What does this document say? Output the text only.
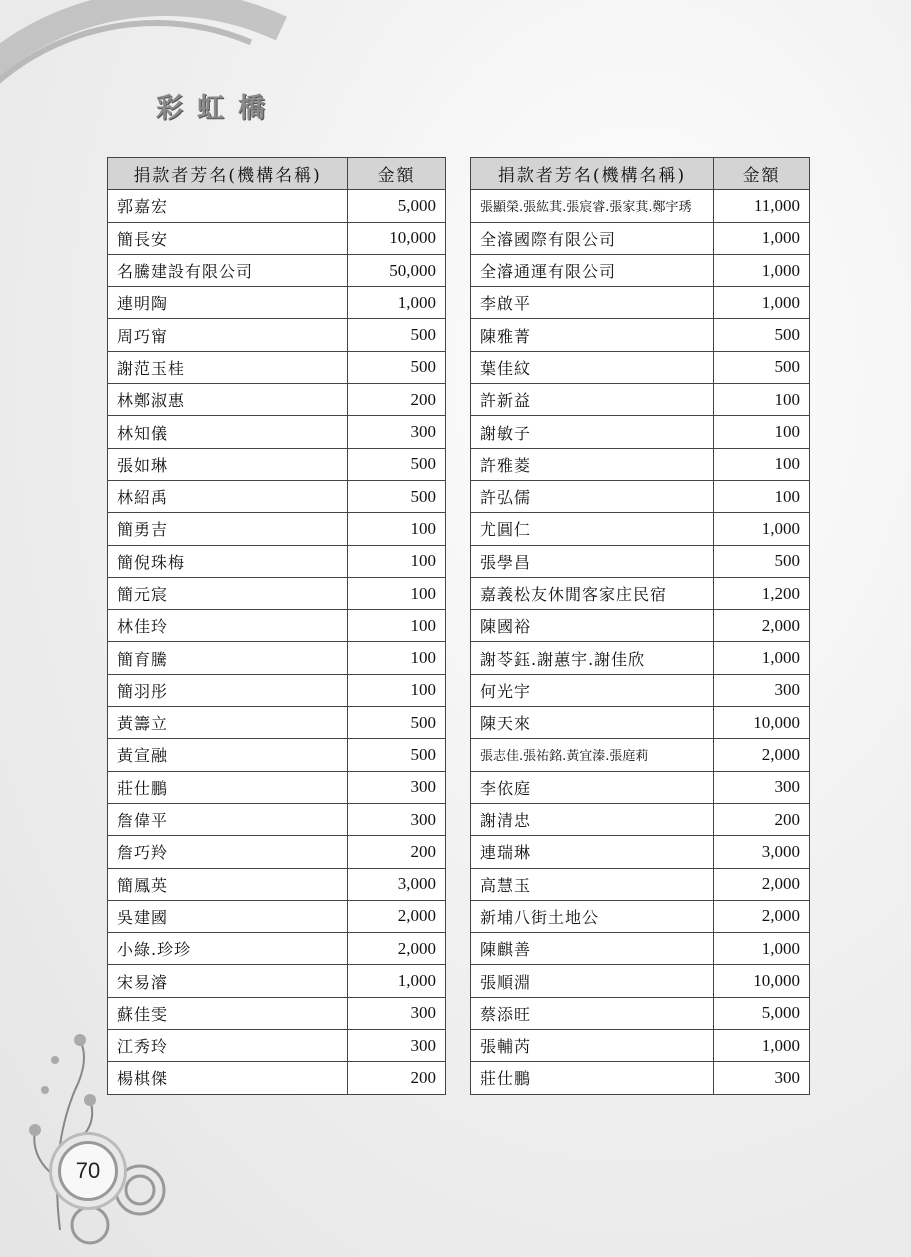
彩虹橋
捐款者芳名(機構名稱)	金額
郭嘉宏	5,000
簡長安	10,000
名騰建設有限公司	50,000
連明陶	1,000
周巧甯	500
謝范玉桂	500
林鄭淑惠	200
林知儀	300
張如琳	500
林紹禹	500
簡勇吉	100
簡倪珠梅	100
簡元宸	100
林佳玲	100
簡育騰	100
簡羽彤	100
黃籌立	500
黃宣融	500
莊仕鵬	300
詹偉平	300
詹巧羚	200
簡鳳英	3,000
吳建國	2,000
小綠.珍珍	2,000
宋易濬	1,000
蘇佳雯	300
江秀玲	300
楊棋傑	200
捐款者芳名(機構名稱)	金額
張顯榮.張紘萁.張宸睿.張家萁.鄭宇琇	11,000
全濬國際有限公司	1,000
全濬通運有限公司	1,000
李啟平	1,000
陳雅菁	500
葉佳紋	500
許新益	100
謝敏子	100
許雅菱	100
許弘儒	100
尤圓仁	1,000
張學昌	500
嘉義松友休閒客家庄民宿	1,200
陳國裕	2,000
謝苓鈺.謝蕙宇.謝佳欣	1,000
何光宇	300
陳天來	10,000
張志佳.張祐銘.黃宜溱.張庭莉	2,000
李依庭	300
謝清忠	200
連瑞琳	3,000
高慧玉	2,000
新埔八街土地公	2,000
陳麒善	1,000
張順淵	10,000
蔡添旺	5,000
張輔芮	1,000
莊仕鵬	300
70
